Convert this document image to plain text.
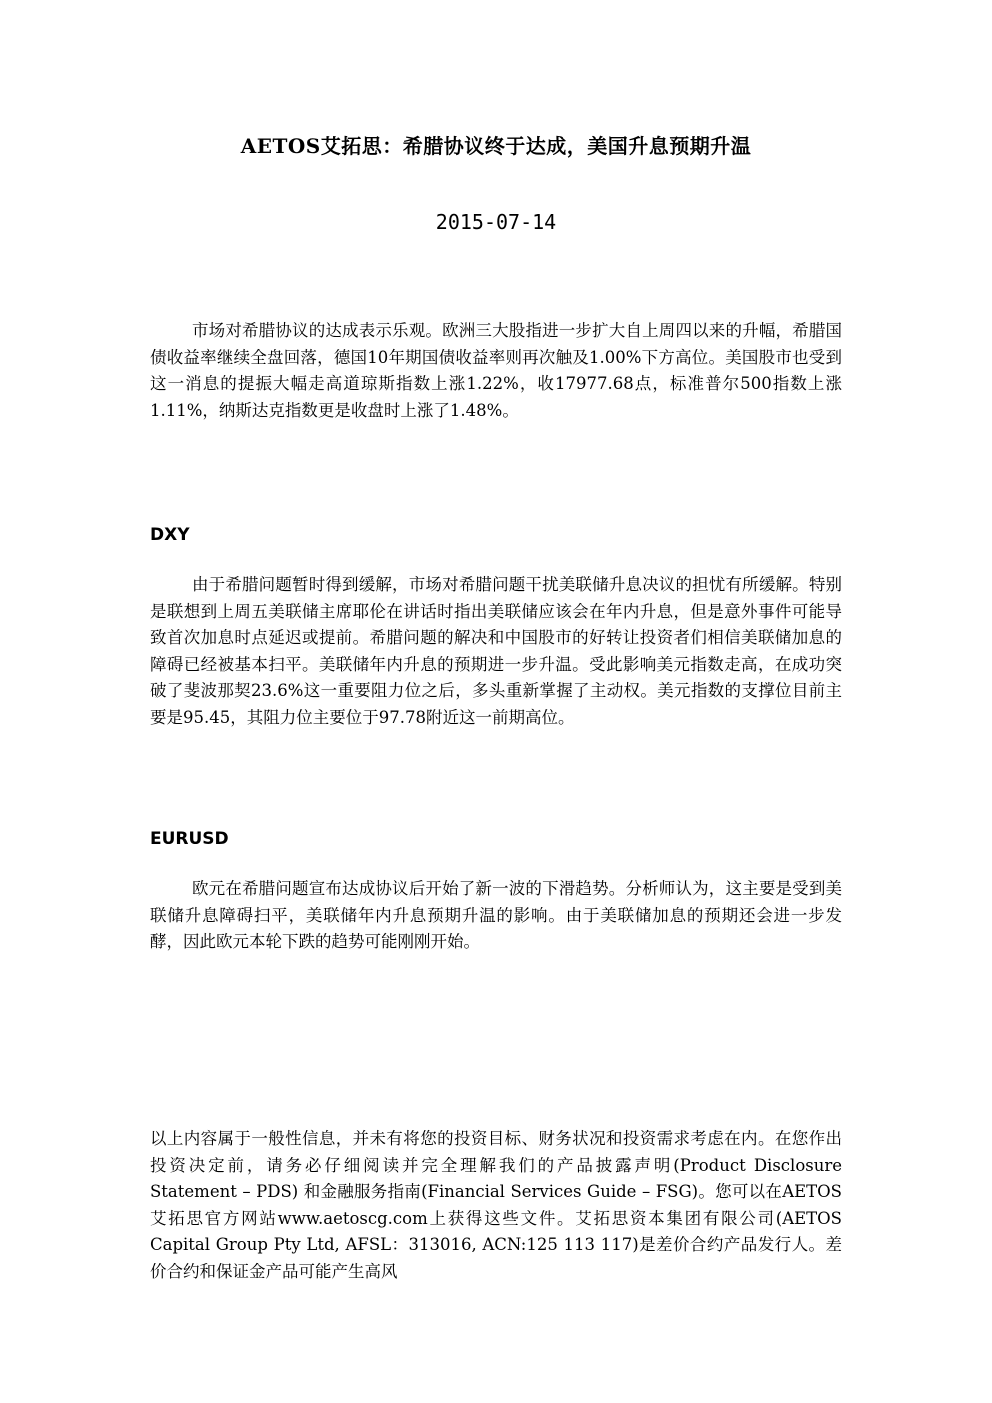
AETOS艾拓思：希腊协议终于达成，美国升息预期升温
2015-07-14

市场对希腊协议的达成表示乐观。欧洲三大股指进一步扩大自上周四以来的升幅，希腊国债收益率继续全盘回落，德国10年期国债收益率则再次触及1.00%下方高位。美国股市也受到这一消息的提振大幅走高道琼斯指数上涨1.22%，收17977.68点，标准普尔500指数上涨1.11%，纳斯达克指数更是收盘时上涨了1.48%。

DXY

由于希腊问题暂时得到缓解，市场对希腊问题干扰美联储升息决议的担忧有所缓解。特别是联想到上周五美联储主席耶伦在讲话时指出美联储应该会在年内升息，但是意外事件可能导致首次加息时点延迟或提前。希腊问题的解决和中国股市的好转让投资者们相信美联储加息的障碍已经被基本扫平。美联储年内升息的预期进一步升温。受此影响美元指数走高，在成功突破了斐波那契23.6%这一重要阻力位之后，多头重新掌握了主动权。美元指数的支撑位目前主要是95.45，其阻力位主要位于97.78附近这一前期高位。

EURUSD

欧元在希腊问题宣布达成协议后开始了新一波的下滑趋势。分析师认为，这主要是受到美联储升息障碍扫平，美联储年内升息预期升温的影响。由于美联储加息的预期还会进一步发酵，因此欧元本轮下跌的趋势可能刚刚开始。

以上内容属于一般性信息，并未有将您的投资目标、财务状况和投资需求考虑在内。在您作出投资决定前，请务必仔细阅读并完全理解我们的产品披露声明(Product Disclosure Statement – PDS) 和金融服务指南(Financial Services Guide – FSG)。您可以在AETOS艾拓思官方网站www.aetoscg.com上获得这些文件。艾拓思资本集团有限公司(AETOS Capital Group Pty Ltd, AFSL：313016, ACN:125 113 117)是差价合约产品发行人。差价合约和保证金产品可能产生高风
